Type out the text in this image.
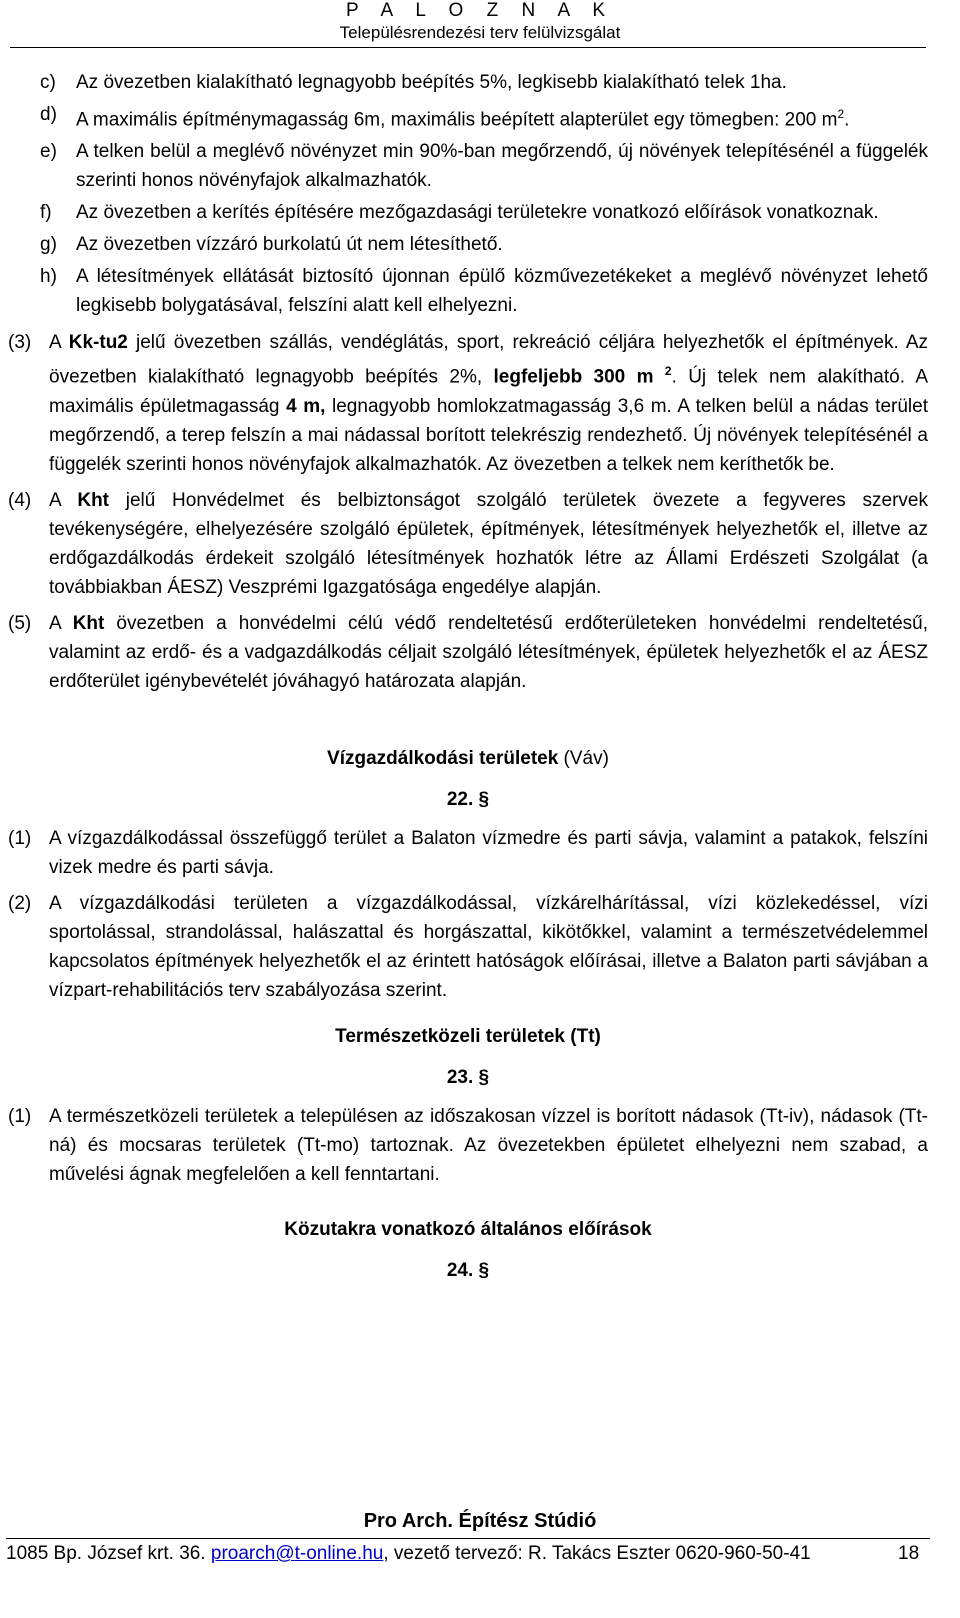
P A L O Z N A K
Településrendezési terv felülvizsgálat
c) Az övezetben kialakítható legnagyobb beépítés 5%, legkisebb kialakítható telek 1ha.
d) A maximális építménymagasság 6m, maximális beépített alapterület egy tömegben: 200 $m^2$.
e) A telken belül a meglévő növényzet min 90%-ban megőrzendő, új növények telepítésénél a függelék szerinti honos növényfajok alkalmazhatók.
f) Az övezetben a kerítés építésére mezőgazdasági területekre vonatkozó előírások vonatkoznak.
g) Az övezetben vízzáró burkolatú út nem létesíthető.
h) A létesítmények ellátását biztosító újonnan épülő közművezetékeket a meglévő növényzet lehető legkisebb bolygatásával, felszíni alatt kell elhelyezni.
(3) A Kk-tu2 jelű övezetben szállás, vendéglátás, sport, rekreáció céljára helyezhetők el építmények. Az övezetben kialakítható legnagyobb beépítés 2%, legfeljebb 300 m $^2$. Új telek nem alakítható. A maximális épületmagasság 4 m, legnagyobb homlokzatmagasság 3,6 m. A telken belül a nádas terület megőrzendő, a terep felszín a mai nádassal borított telekrészig rendezhető. Új növények telepítésénél a függelék szerinti honos növényfajok alkalmazhatók. Az övezetben a telkek nem keríthetők be.
(4) A Kht jelű Honvédelmet és belbiztonságot szolgáló területek övezete a fegyveres szervek tevékenységére, elhelyezésére szolgáló épületek, építmények, létesítmények helyezhetők el, illetve az erdőgazdálkodás érdekeit szolgáló létesítmények hozhatók létre az Állami Erdészeti Szolgálat (a továbbiakban ÁESZ) Veszprémi Igazgatósága engedélye alapján.
(5) A Kht övezetben a honvédelmi célú védő rendeltetésű erdőterületeken honvédelmi rendeltetésű, valamint az erdő- és a vadgazdálkodás céljait szolgáló létesítmények, épületek helyezhetők el az ÁESZ erdőterület igénybevételét jóváhagyó határozata alapján.
Vízgazdálkodási területek (Váv)
22. §
(1) A vízgazdálkodással összefüggő terület a Balaton vízmedre és parti sávja, valamint a patakok, felszíni vizek medre és parti sávja.
(2) A vízgazdálkodási területen a vízgazdálkodással, vízkárelhárítással, vízi közlekedéssel, vízi sportolással, strandolással, halászattal és horgászattal, kikötőkkel, valamint a természetvédelemmel kapcsolatos építmények helyezhetők el az érintett hatóságok előírásai, illetve a Balaton parti sávjában a vízpart-rehabilitációs terv szabályozása szerint.
Természetközeli területek (Tt)
23. §
(1) A természetközeli területek a településen az időszakosan vízzel is borított nádasok (Tt-iv), nádasok (Tt-ná) és mocsaras területek (Tt-mo) tartoznak. Az övezetekben épületet elhelyezni nem szabad, a művelési ágnak megfelelően a kell fenntartani.
Közutakra vonatkozó általános előírások
24. §
Pro Arch. Építész Stúdió
1085 Bp. József krt. 36. proarch@t-online.hu, vezető tervező: R. Takács Eszter 0620-960-50-41	18
